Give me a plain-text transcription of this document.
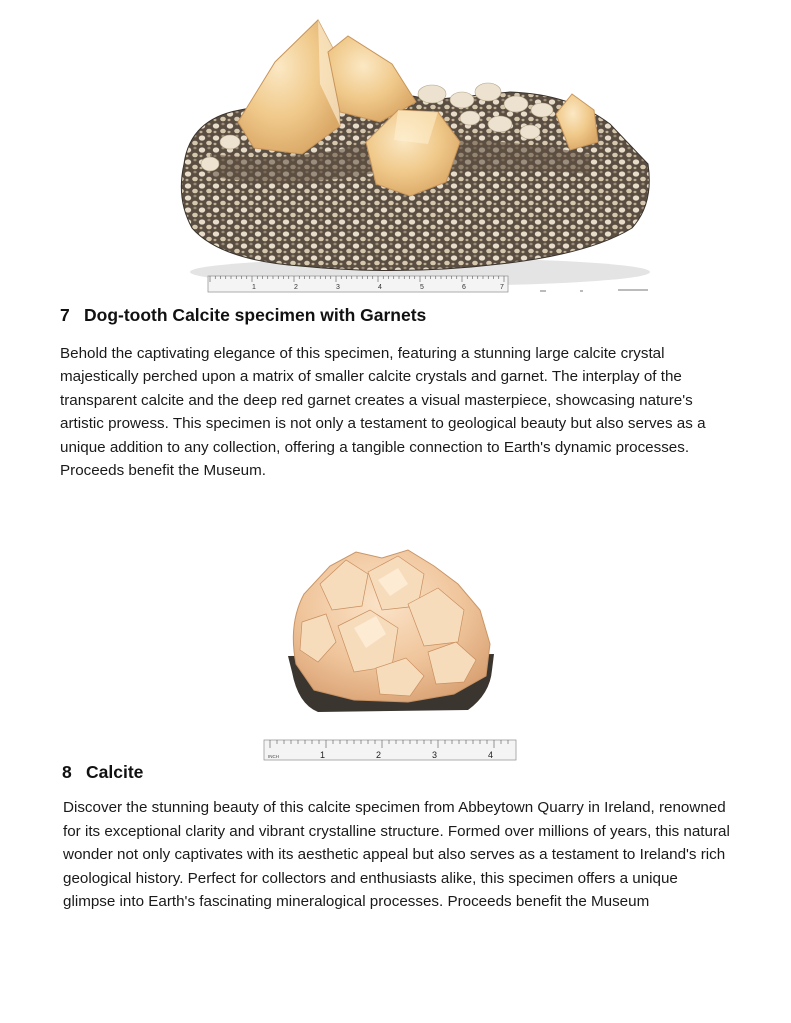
1	2	3	4	5	6	7
7 Dog-tooth Calcite specimen with Garnets

Behold the captivating elegance of this specimen, featuring a stunning large calcite crystal majestically perched upon a matrix of smaller calcite crystals and garnet. The interplay of the transparent calcite and the deep red garnet creates a visual masterpiece, showcasing nature's artistic prowess. This specimen is not only a testament to geological beauty but also serves as a unique addition to any collection, offering a tangible connection to Earth's dynamic processes. Proceeds benefit the Museum.

INCH	1	2	3	4
8 Calcite

Discover the stunning beauty of this calcite specimen from Abbeytown Quarry in Ireland, renowned for its exceptional clarity and vibrant crystalline structure. Formed over millions of years, this natural wonder not only captivates with its aesthetic appeal but also serves as a testament to Ireland's rich geological history. Perfect for collectors and enthusiasts alike, this specimen offers a unique glimpse into Earth's fascinating mineralogical processes. Proceeds benefit the Museum
